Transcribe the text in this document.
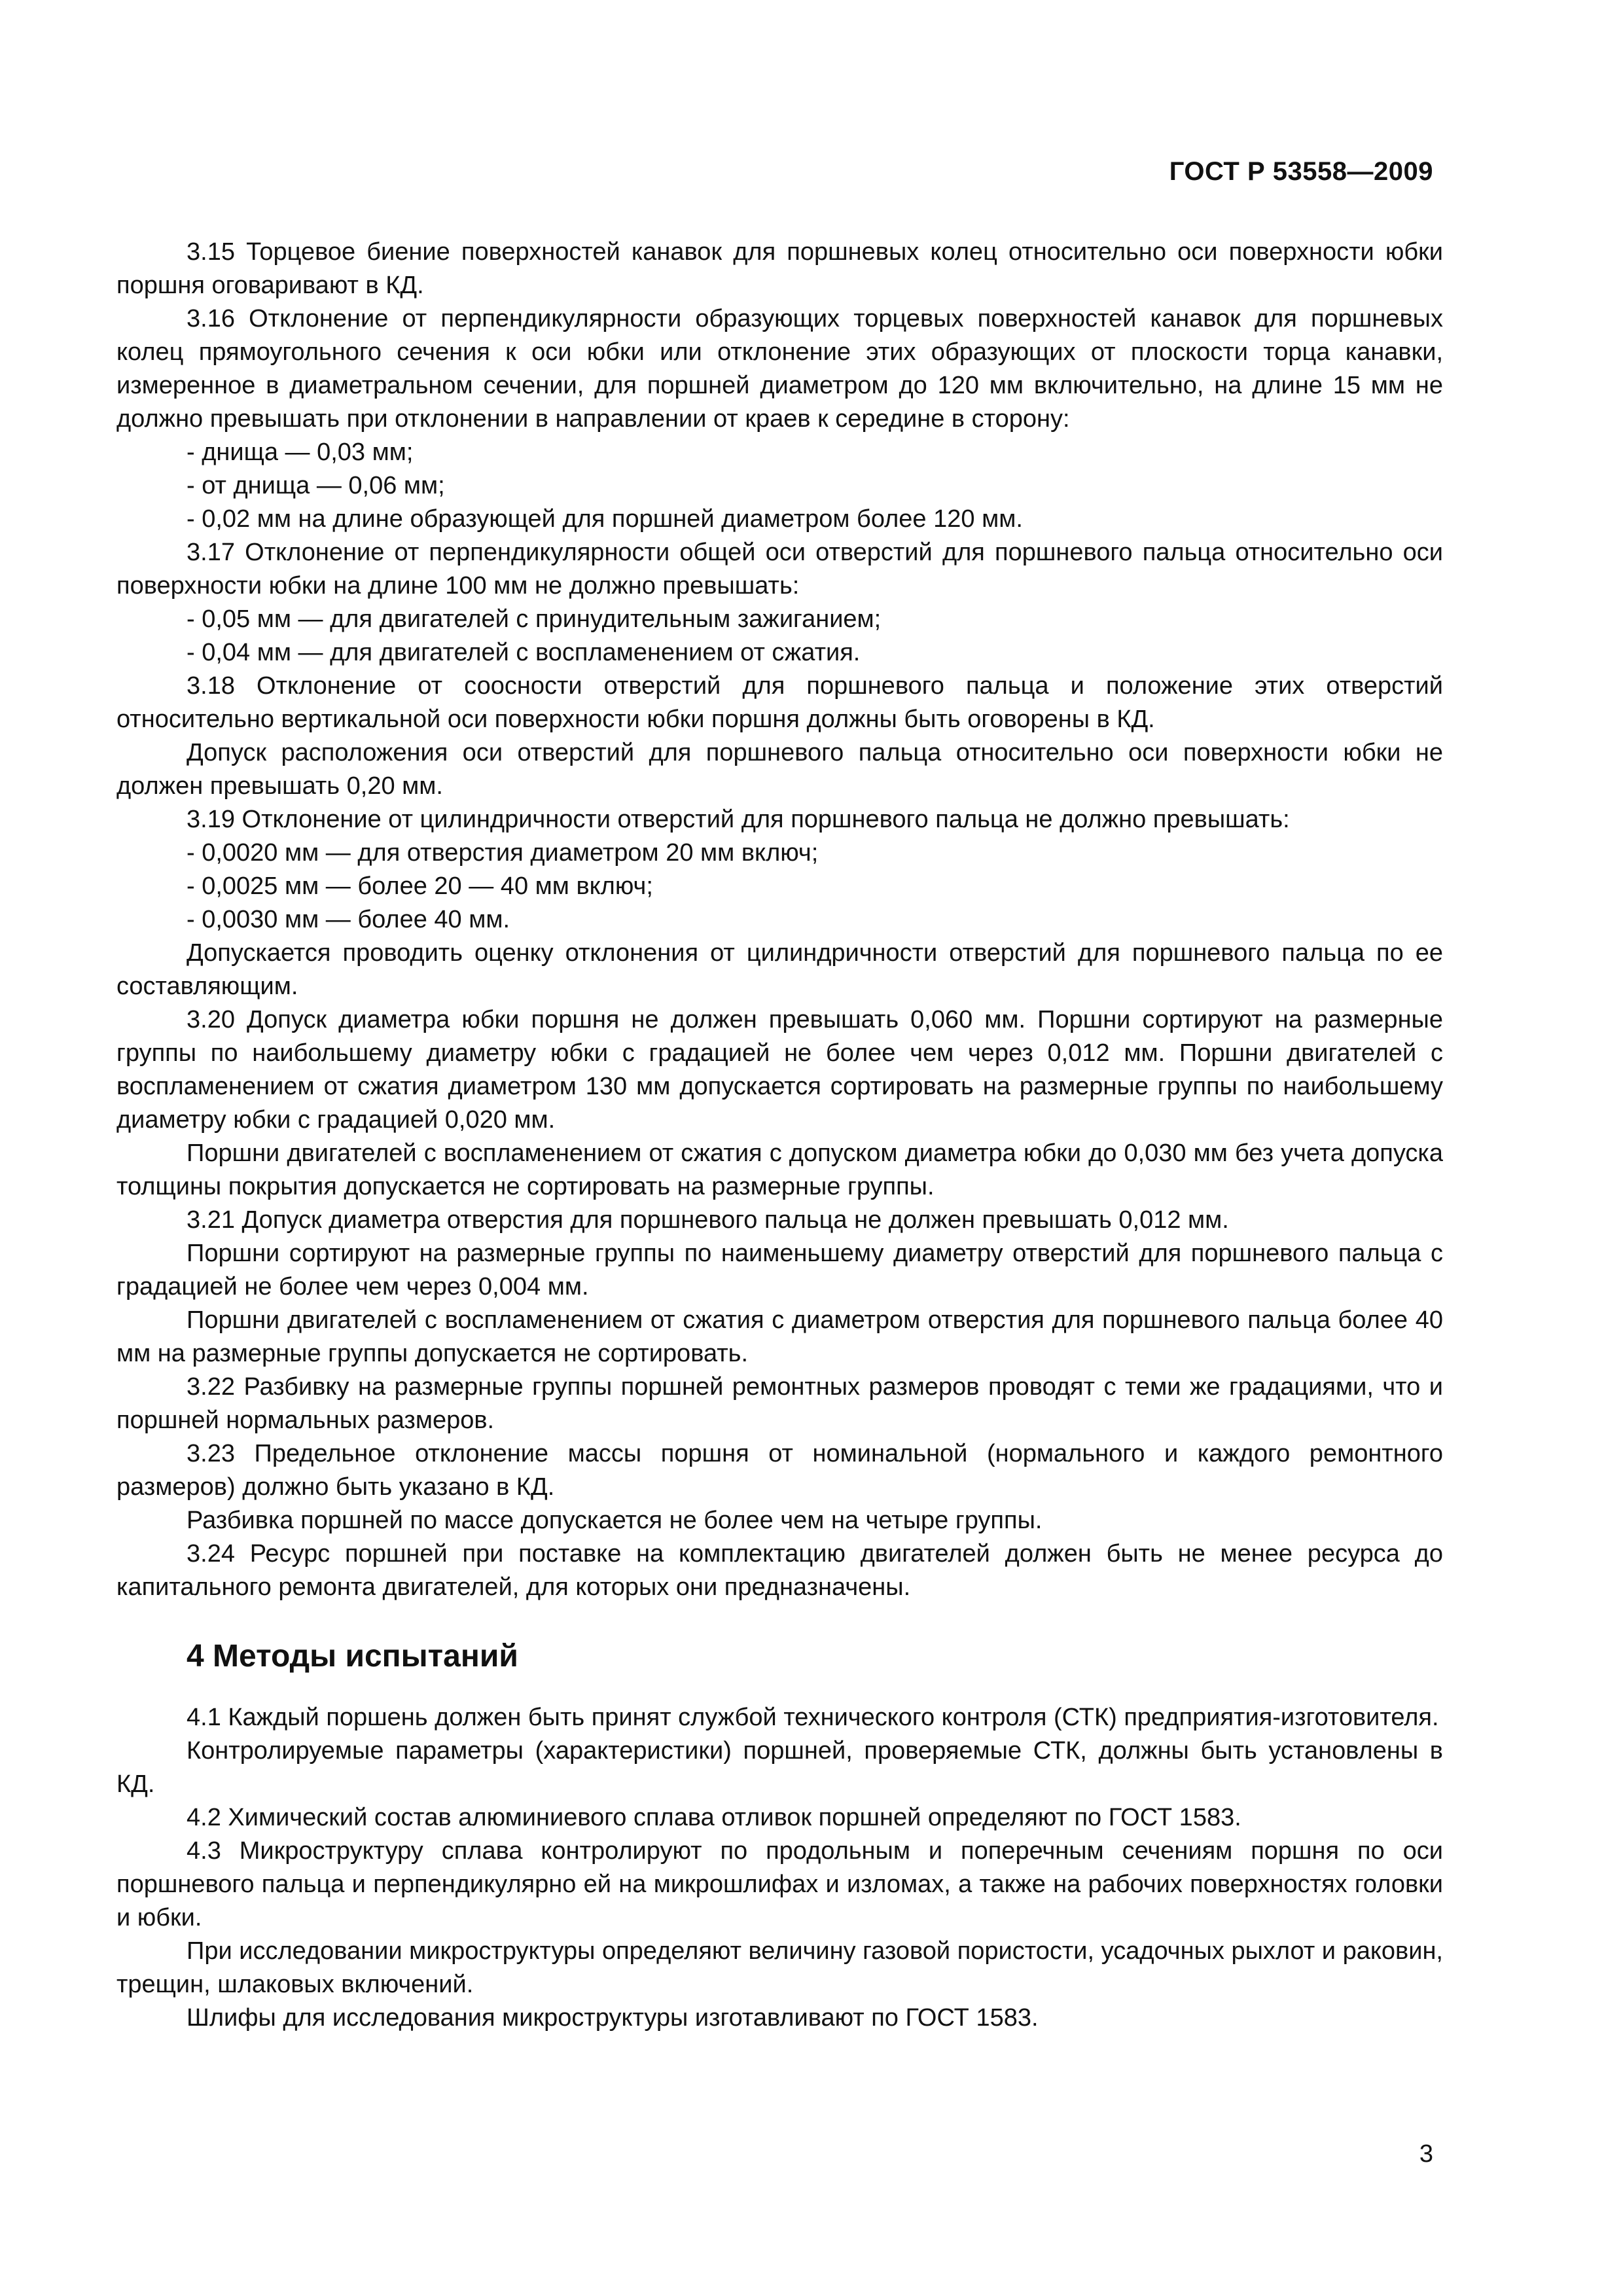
ГОСТ Р 53558—2009

3.15 Торцевое биение поверхностей канавок для поршневых колец относительно оси поверхности юбки поршня оговаривают в КД.

3.16 Отклонение от перпендикулярности образующих торцевых поверхностей канавок для поршневых колец прямоугольного сечения к оси юбки или отклонение этих образующих от плоскости торца канавки, измеренное в диаметральном сечении, для поршней диаметром до 120 мм включительно, на длине 15 мм не должно превышать при отклонении в направлении от краев к середине в сторону:

- днища — 0,03 мм;

- от днища — 0,06 мм;

- 0,02 мм на длине образующей для поршней диаметром более 120 мм.

3.17 Отклонение от перпендикулярности общей оси отверстий для поршневого пальца относительно оси поверхности юбки на длине 100 мм не должно превышать:

- 0,05 мм — для двигателей с принудительным зажиганием;

- 0,04 мм — для двигателей с воспламенением от сжатия.

3.18 Отклонение от соосности отверстий для поршневого пальца и положение этих отверстий относительно вертикальной оси поверхности юбки поршня должны быть оговорены в КД.

Допуск расположения оси отверстий для поршневого пальца относительно оси поверхности юбки не должен превышать 0,20 мм.

3.19 Отклонение от цилиндричности отверстий для поршневого пальца не должно превышать:

- 0,0020 мм — для отверстия диаметром 20 мм включ;

- 0,0025 мм — более 20 — 40 мм включ;

- 0,0030 мм — более 40 мм.

Допускается проводить оценку отклонения от цилиндричности отверстий для поршневого пальца по ее составляющим.

3.20 Допуск диаметра юбки поршня не должен превышать 0,060 мм. Поршни сортируют на размерные группы по наибольшему диаметру юбки с градацией не более чем через 0,012 мм. Поршни двигателей с воспламенением от сжатия диаметром 130 мм допускается сортировать на размерные группы по наибольшему диаметру юбки с градацией 0,020 мм.

Поршни двигателей с воспламенением от сжатия с допуском диаметра юбки до 0,030 мм без учета допуска толщины покрытия допускается не сортировать на размерные группы.

3.21 Допуск диаметра отверстия для поршневого пальца не должен превышать 0,012 мм.

Поршни сортируют на размерные группы по наименьшему диаметру отверстий для поршневого пальца с градацией не более чем через 0,004 мм.

Поршни двигателей с воспламенением от сжатия с диаметром отверстия для поршневого пальца более 40 мм на размерные группы допускается не сортировать.

3.22 Разбивку на размерные группы поршней ремонтных размеров проводят с теми же градациями, что и поршней нормальных размеров.

3.23 Предельное отклонение массы поршня от номинальной (нормального и каждого ремонтного размеров) должно быть указано в КД.

Разбивка поршней по массе допускается не более чем на четыре группы.

3.24 Ресурс поршней при поставке на комплектацию двигателей должен быть не менее ресурса до капитального ремонта двигателей, для которых они предназначены.

4 Методы испытаний

4.1 Каждый поршень должен быть принят службой технического контроля (СТК) предприятия-изготовителя.

Контролируемые параметры (характеристики) поршней, проверяемые СТК, должны быть установлены в КД.

4.2 Химический состав алюминиевого сплава отливок поршней определяют по ГОСТ 1583.

4.3 Микроструктуру сплава контролируют по продольным и поперечным сечениям поршня по оси поршневого пальца и перпендикулярно ей на микрошлифах и изломах, а также на рабочих поверхностях головки и юбки.

При исследовании микроструктуры определяют величину газовой пористости, усадочных рыхлот и раковин, трещин, шлаковых включений.

Шлифы для исследования микроструктуры изготавливают по ГОСТ 1583.

3
